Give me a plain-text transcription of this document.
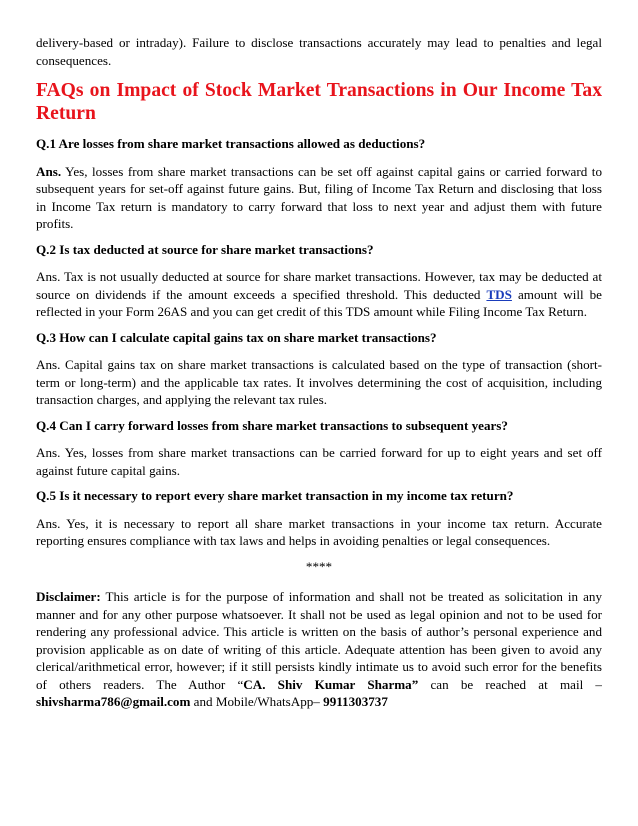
delivery-based or intraday). Failure to disclose transactions accurately may lead to penalties and legal consequences.

FAQs on Impact of Stock Market Transactions in Our Income Tax Return

Q.1 Are losses from share market transactions allowed as deductions?

Ans. Yes, losses from share market transactions can be set off against capital gains or carried forward to subsequent years for set-off against future gains. But, filing of Income Tax Return and disclosing that loss in Income Tax return is mandatory to carry forward that loss to next year and adjust them with future profits.

Q.2 Is tax deducted at source for share market transactions?

Ans. Tax is not usually deducted at source for share market transactions. However, tax may be deducted at source on dividends if the amount exceeds a specified threshold. This deducted TDS amount will be reflected in your Form 26AS and you can get credit of this TDS amount while Filing Income Tax Return.

Q.3 How can I calculate capital gains tax on share market transactions?

Ans. Capital gains tax on share market transactions is calculated based on the type of transaction (short-term or long-term) and the applicable tax rates. It involves determining the cost of acquisition, including transaction charges, and applying the relevant tax rules.

Q.4 Can I carry forward losses from share market transactions to subsequent years?

Ans. Yes, losses from share market transactions can be carried forward for up to eight years and set off against future capital gains.

Q.5 Is it necessary to report every share market transaction in my income tax return?

Ans. Yes, it is necessary to report all share market transactions in your income tax return. Accurate reporting ensures compliance with tax laws and helps in avoiding penalties or legal consequences.

****

Disclaimer: This article is for the purpose of information and shall not be treated as solicitation in any manner and for any other purpose whatsoever. It shall not be used as legal opinion and not to be used for rendering any professional advice. This article is written on the basis of author’s personal experience and provision applicable as on date of writing of this article. Adequate attention has been given to avoid any clerical/arithmetical error, however; if it still persists kindly intimate us to avoid such error for the benefits of others readers. The Author “CA. Shiv Kumar Sharma” can be reached at mail –shivsharma786@gmail.com and Mobile/WhatsApp– 9911303737
